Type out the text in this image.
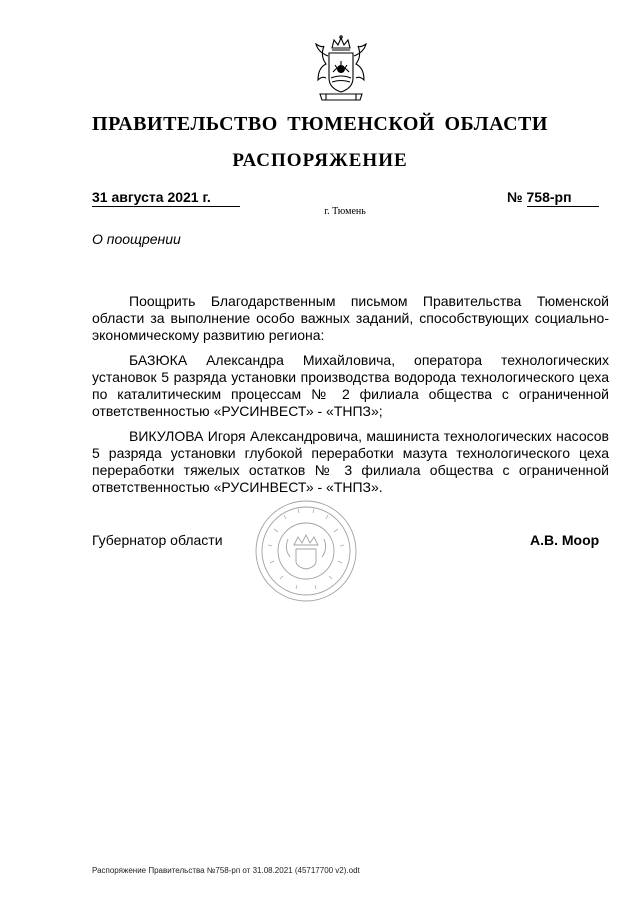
ПРАВИТЕЛЬСТВО ТЮМЕНСКОЙ ОБЛАСТИ
РАСПОРЯЖЕНИЕ
31 августа 2021 г.	№ 758-рп
г. Тюмень
О поощрении

Поощрить Благодарственным письмом Правительства Тюменской области за выполнение особо важных заданий, способствующих социально-экономическому развитию региона:

БАЗЮКА Александра Михайловича, оператора технологических установок 5 разряда установки производства водорода технологического цеха по каталитическим процессам № 2 филиала общества с ограниченной ответственностью «РУСИНВЕСТ» - «ТНПЗ»;

ВИКУЛОВА Игоря Александровича, машиниста технологических насосов 5 разряда установки глубокой переработки мазута технологического цеха переработки тяжелых остатков № 3 филиала общества с ограниченной ответственностью «РУСИНВЕСТ» - «ТНПЗ».

Губернатор области	А.В. Моор
Распоряжение Правительства №758-рп от 31.08.2021 (45717700 v2).odt
